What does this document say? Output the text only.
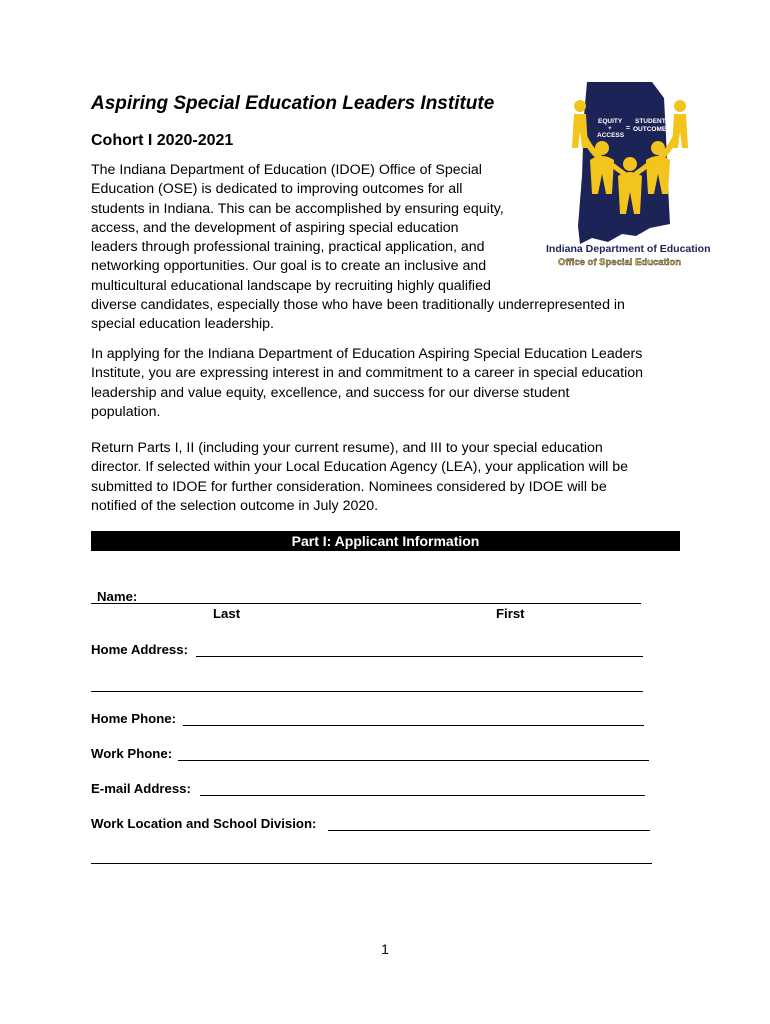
Aspiring Special Education Leaders Institute
Cohort I 2020-2021
EQUITY
+
ACCESS
=
STUDENT
OUTCOMES
Indiana Department of Education
Office of Special Education
The Indiana Department of Education (IDOE) Office of Special
Education (OSE) is dedicated to improving outcomes for all
students in Indiana. This can be accomplished by ensuring equity,
access, and the development of aspiring special education
leaders through professional training, practical application, and
networking opportunities. Our goal is to create an inclusive and
multicultural educational landscape by recruiting highly qualified
diverse candidates, especially those who have been traditionally underrepresented in
special education leadership.
In applying for the Indiana Department of Education Aspiring Special Education Leaders
Institute, you are expressing interest in and commitment to a career in special education
leadership and value equity, excellence, and success for our diverse student
population.
Return Parts I, II (including your current resume), and III to your special education
director. If selected within your Local Education Agency (LEA), your application will be
submitted to IDOE for further consideration. Nominees considered by IDOE will be
notified of the selection outcome in July 2020.
Part I: Applicant Information
Name:
Last	First
Home Address:
Home Phone:
Work Phone:
E-mail Address:
Work Location and School Division:
1
